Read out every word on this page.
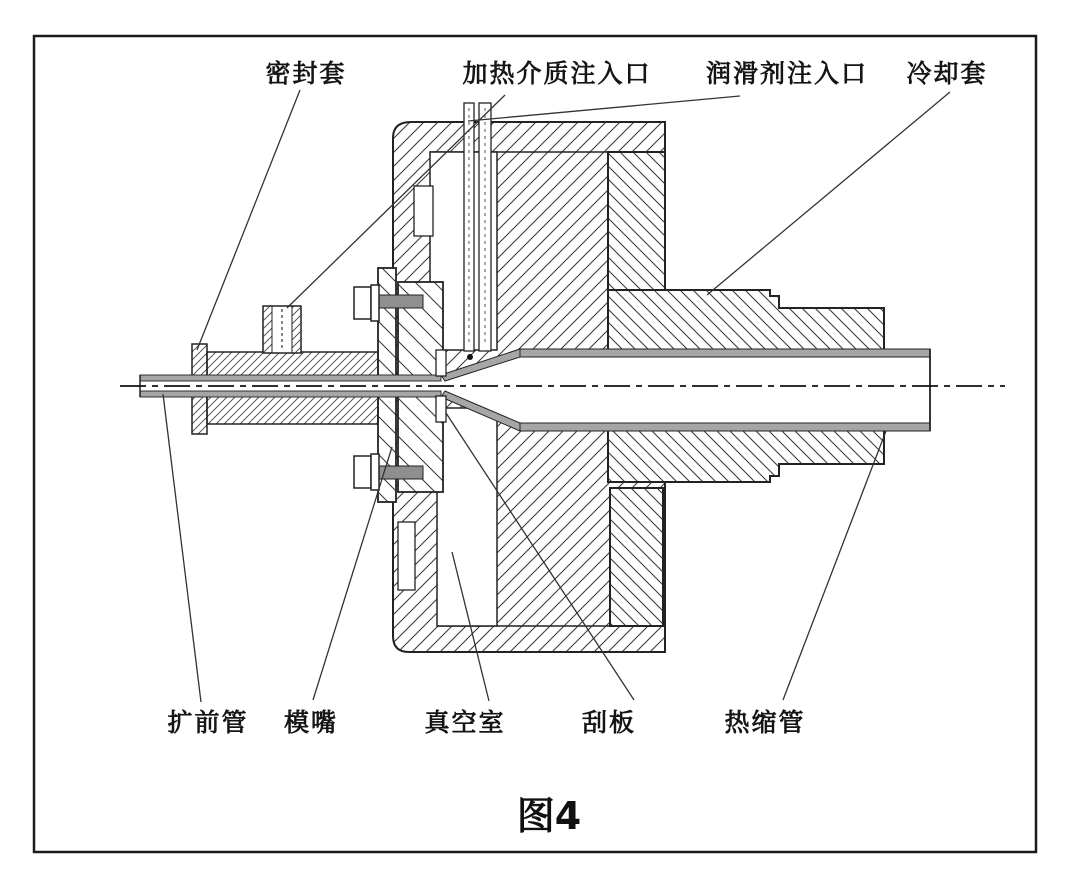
密封套	加热介质注入口 润滑剂注入口 冷却套
扩前管 模嘴	真空室	刮板	热缩管
图4
